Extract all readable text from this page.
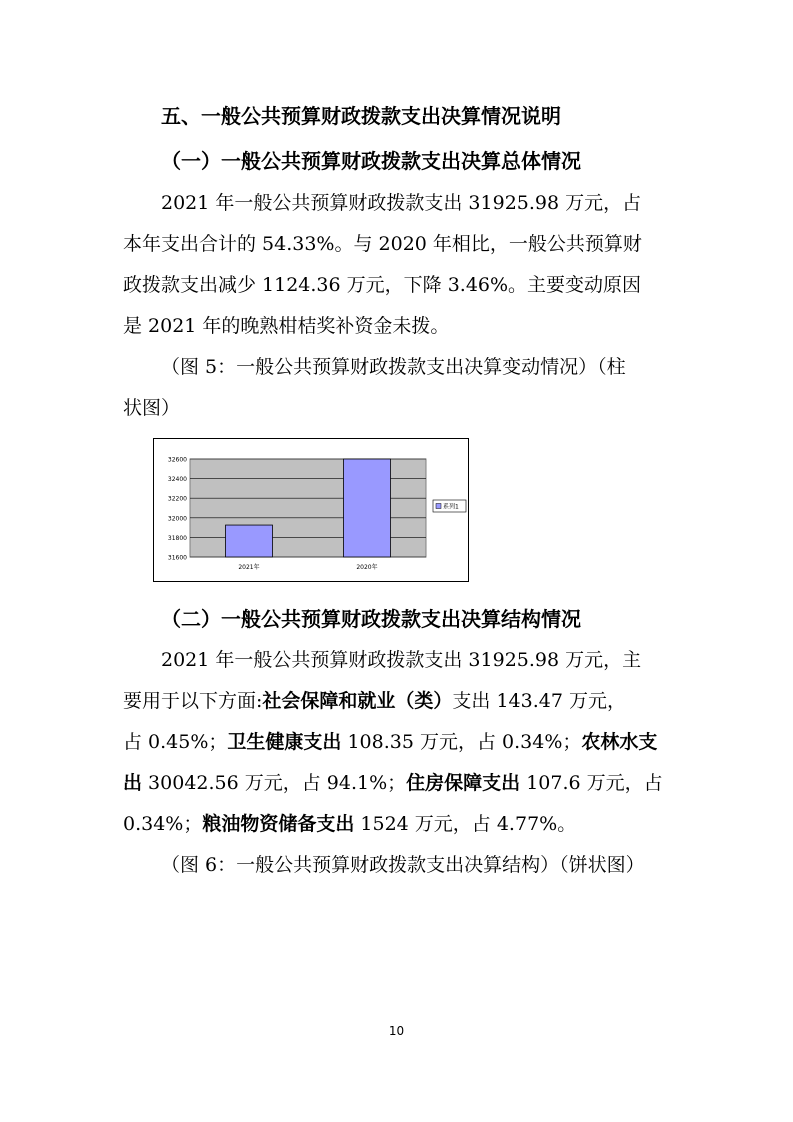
五、一般公共预算财政拨款支出决算情况说明
（一）一般公共预算财政拨款支出决算总体情况
2021 年一般公共预算财政拨款支出 31925.98 万元，占
本年支出合计的 54.33%。与 2020 年相比，一般公共预算财
政拨款支出减少 1124.36 万元，下降 3.46%。主要变动原因
是 2021 年的晚熟柑桔奖补资金未拨。
（图 5：一般公共预算财政拨款支出决算变动情况）（柱
状图）
31600
31800
32000
32200
32400
32600
2021年	2020年
系列1
（二）一般公共预算财政拨款支出决算结构情况
2021 年一般公共预算财政拨款支出 31925.98 万元，主
要用于以下方面:社会保障和就业（类）支出 143.47 万元，
占 0.45%；卫生健康支出 108.35 万元，占 0.34%；农林水支
出 30042.56 万元，占 94.1%；住房保障支出 107.6 万元，占
0.34%；粮油物资储备支出 1524 万元，占 4.77%。
（图 6：一般公共预算财政拨款支出决算结构）（饼状图）
10
